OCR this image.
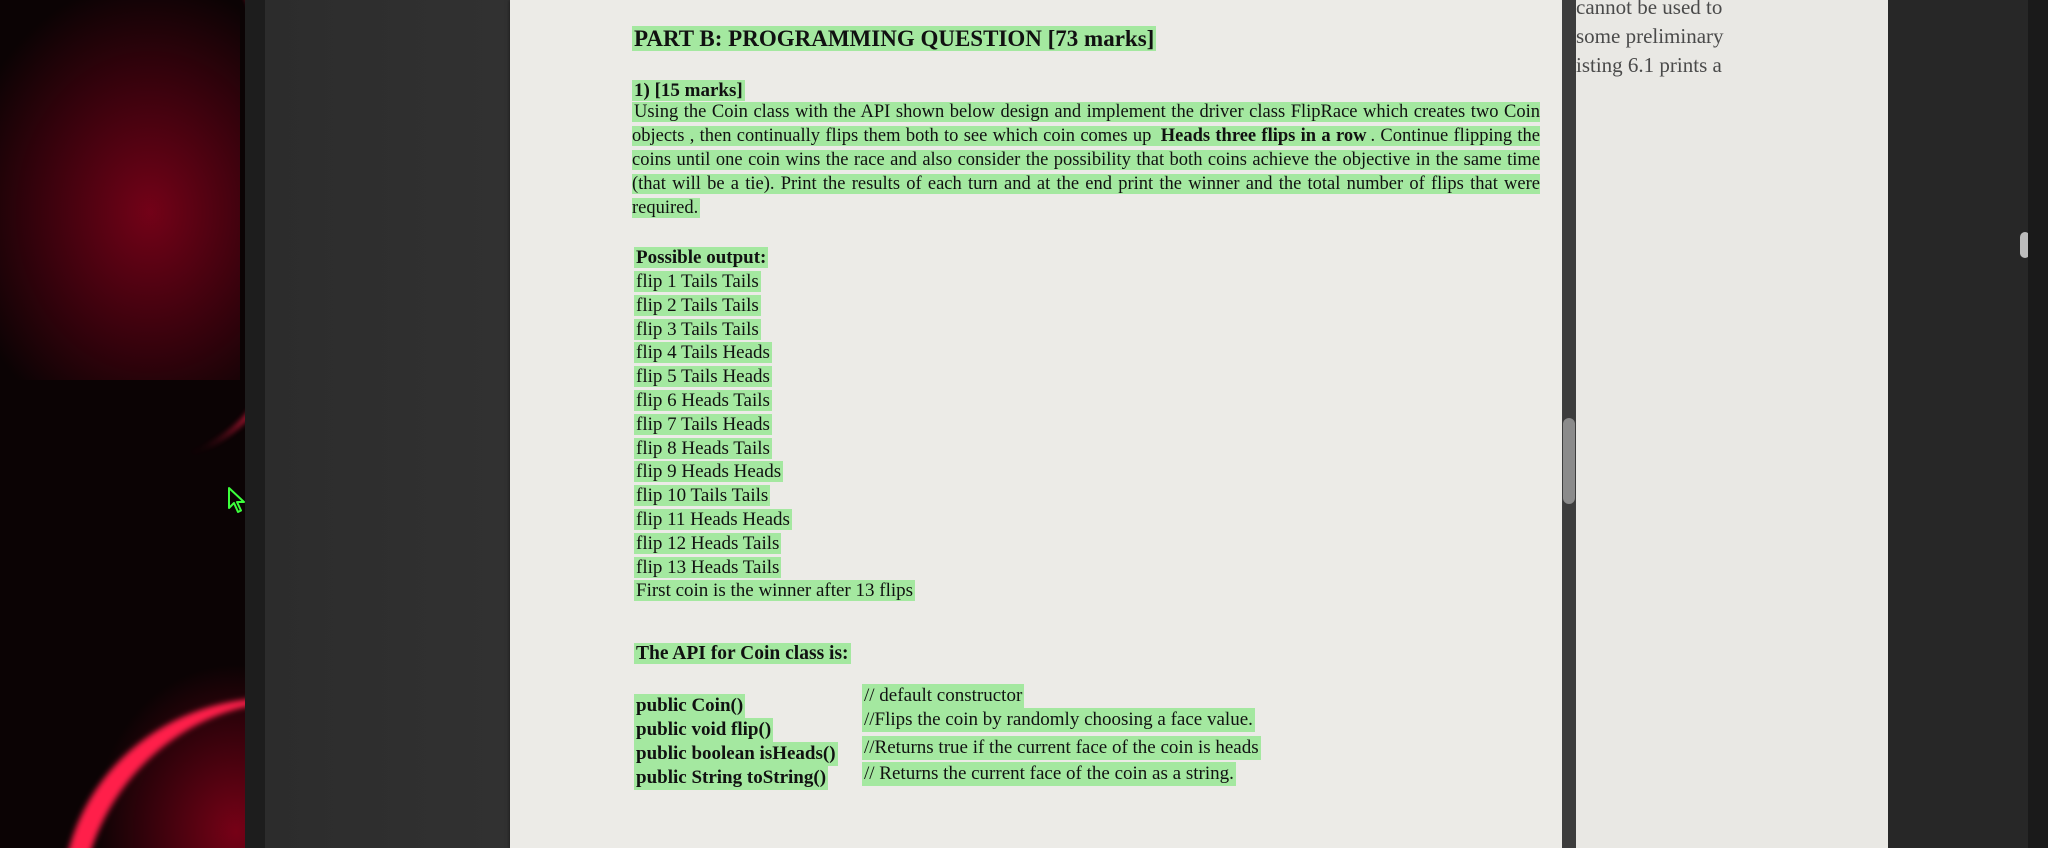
PART B: PROGRAMMING QUESTION [73 marks]
1) [15 marks]
Using the Coin class with the API shown below design and implement the driver class FlipRace which creates two Coin objects , then continually flips them both to see which coin comes up Heads three flips in a row . Continue flipping the coins until one coin wins the race and also consider the possibility that both coins achieve the objective in the same time (that will be a tie). Print the results of each turn and at the end print the winner and the total number of flips that were required.
Possible output:
flip 1 Tails Tails
flip 2 Tails Tails
flip 3 Tails Tails
flip 4 Tails Heads
flip 5 Tails Heads
flip 6 Heads Tails
flip 7 Tails Heads
flip 8 Heads Tails
flip 9 Heads Heads
flip 10 Tails Tails
flip 11 Heads Heads
flip 12 Heads Tails
flip 13 Heads Tails
First coin is the winner after 13 flips
The API for Coin class is:
public Coin()	// default constructor
public void flip()	//Flips the coin by randomly choosing a face value.
public boolean isHeads() //Returns true if the current face of the coin is heads
public String toString() // Returns the current face of the coin as a string.
cannot be used to
some preliminary
isting 6.1 prints a
